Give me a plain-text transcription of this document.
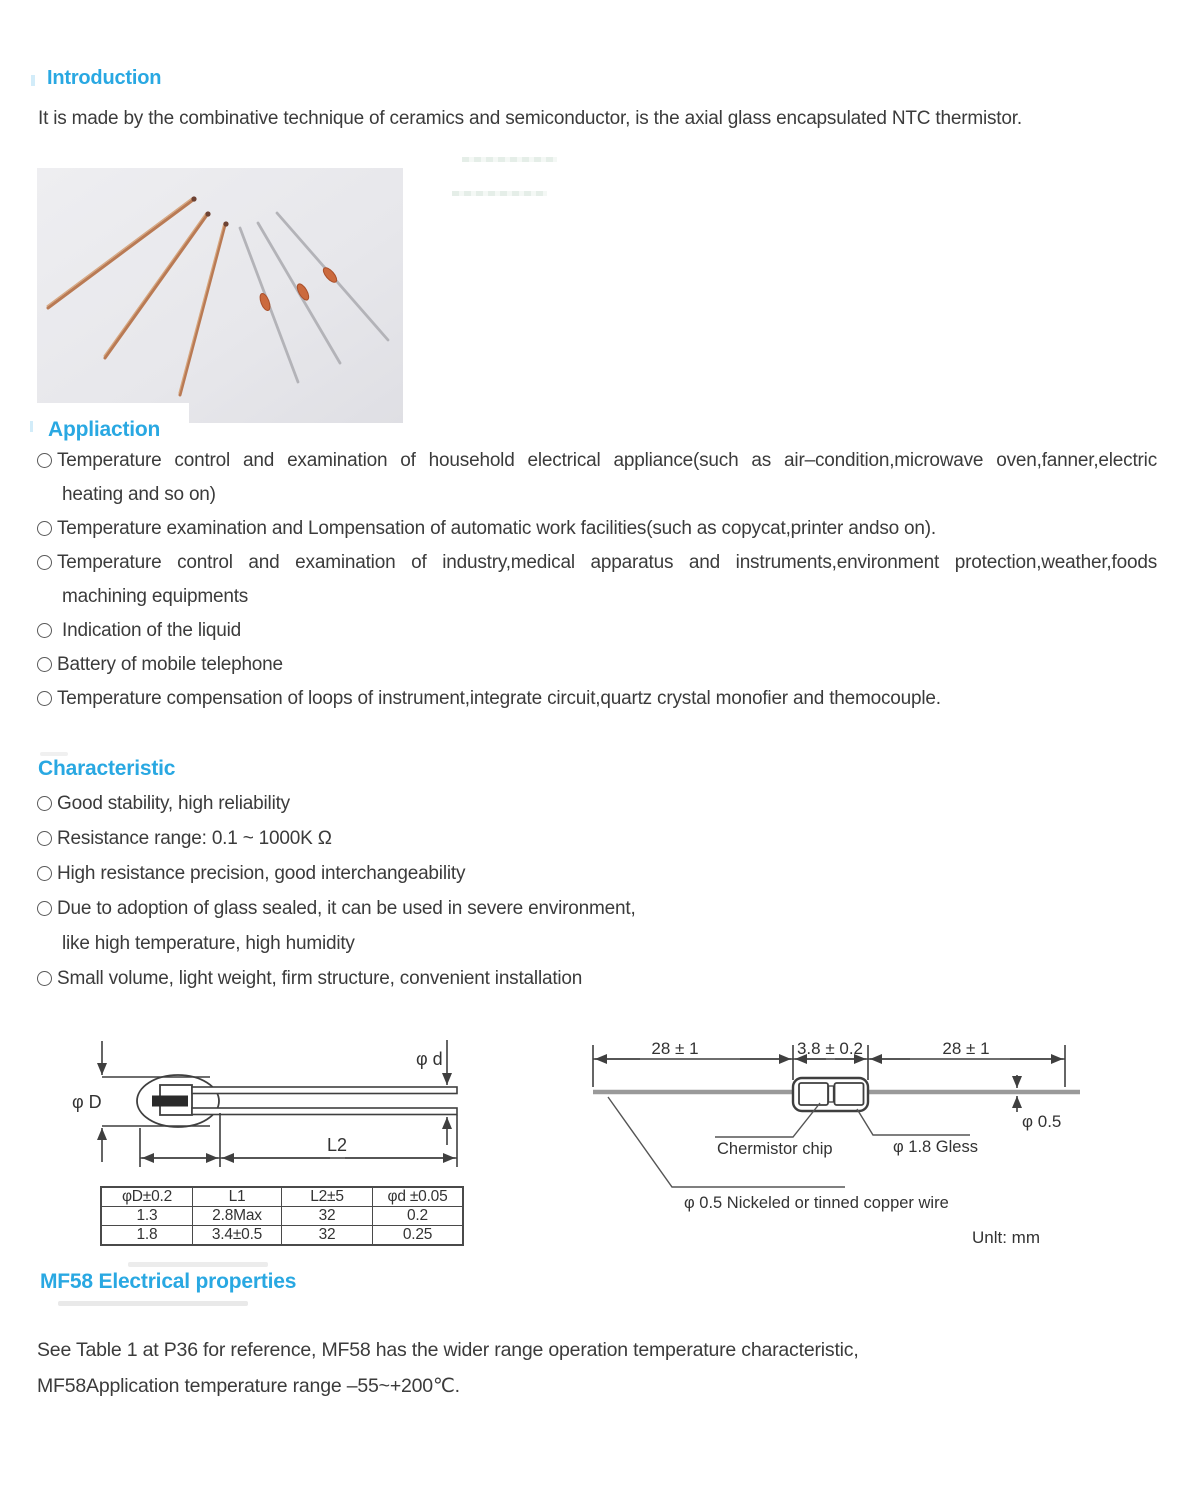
Introduction

It is made by the combinative technique of ceramics and semiconductor, is the axial glass encapsulated NTC thermistor.

Appliaction
Temperature control and examination of household electrical appliance(such as air–condition,microwave oven,fanner,electric
heating and so on)
Temperature examination and Lompensation of automatic work facilities(such as copycat,printer andso on).
Temperature control and examination of industry,medical apparatus and instruments,environment protection,weather,foods
machining equipments
Indication of the liquid
Battery of mobile telephone
Temperature compensation of loops of instrument,integrate circuit,quartz crystal monofier and themocouple.
Characteristic
Good stability, high reliability
Resistance range: 0.1 ~ 1000K Ω
High resistance precision, good interchangeability
Due to adoption of glass sealed, it can be used in severe environment,
like high temperature, high humidity
Small volume, light weight, firm structure, convenient installation
φ D
φ d
L2
φD±0.2	L1	L2±5	φd ±0.05
1.3	2.8Max	32	0.2
1.8	3.4±0.5	32	0.25
28 ± 1	3.8 ± 0.2	28 ± 1
φ 0.5
Chermistor chip	φ 1.8 Gless
φ 0.5 Nickeled or tinned copper wire
Unlt: mm
MF58 Electrical properties

See Table 1 at P36 for reference, MF58 has the wider range operation temperature characteristic,
MF58Application temperature range –55~+200℃.
